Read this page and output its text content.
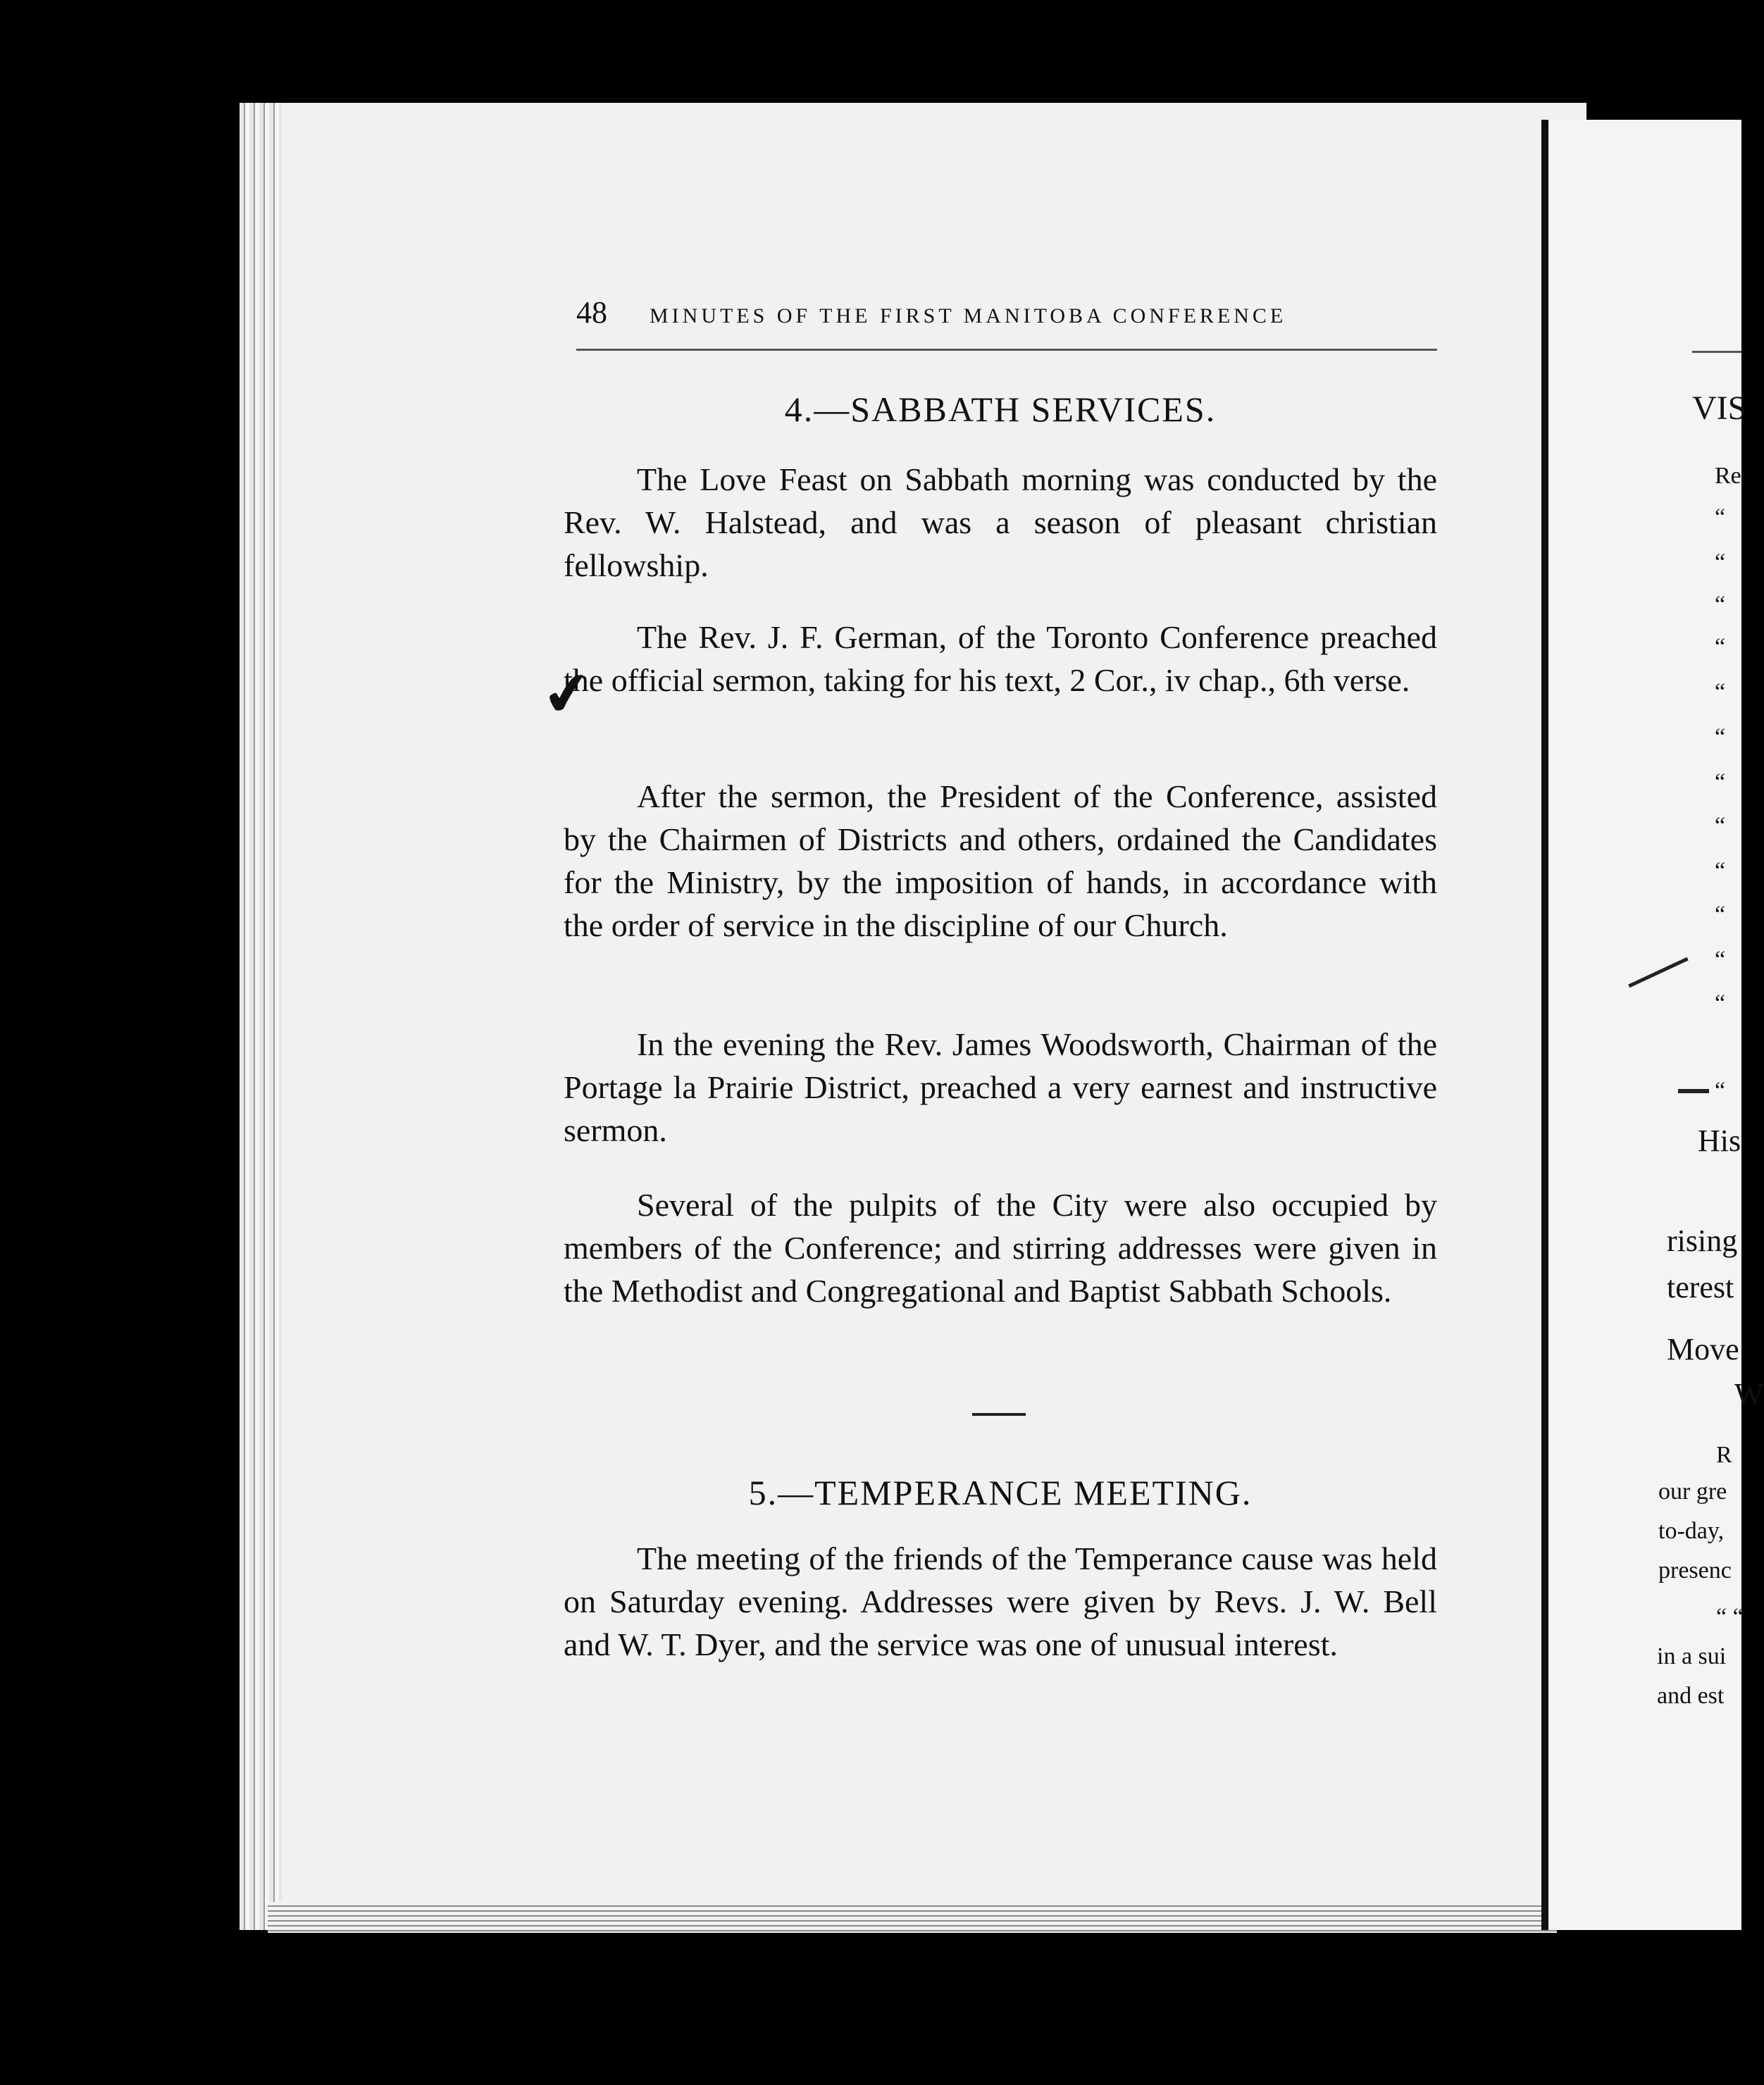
48 MINUTES OF THE FIRST MANITOBA CONFERENCE
✔
4.—SABBATH SERVICES.

The Love Feast on Sabbath morning was conducted by the Rev. W. Halstead, and was a season of pleasant christian fellowship.

The Rev. J. F. German, of the Toronto Conference preached the official sermon, taking for his text, 2 Cor., iv chap., 6th verse.

After the sermon, the President of the Conference, assisted by the Chairmen of Districts and others, ordained the Candidates for the Ministry, by the imposition of hands, in accordance with the order of service in the discipline of our Church.

In the evening the Rev. James Woodsworth, Chairman of the Portage la Prairie District, preached a very earnest and instructive sermon.

Several of the pulpits of the City were also occupied by members of the Conference; and stirring addresses were given in the Methodist and Congregational and Baptist Sabbath Schools.

5.—TEMPERANCE MEETING.

The meeting of the friends of the Temperance cause was held on Saturday evening. Addresses were given by Revs. J. W. Bell and W. T. Dyer, and the service was one of unusual interest.

VIS
Re
“
“
“
“
“
“
“
“
“
“
“
“
“
His
rising
terest
Move
W
R
our gre
to-day,
presenc
“ “
in a sui
and est
